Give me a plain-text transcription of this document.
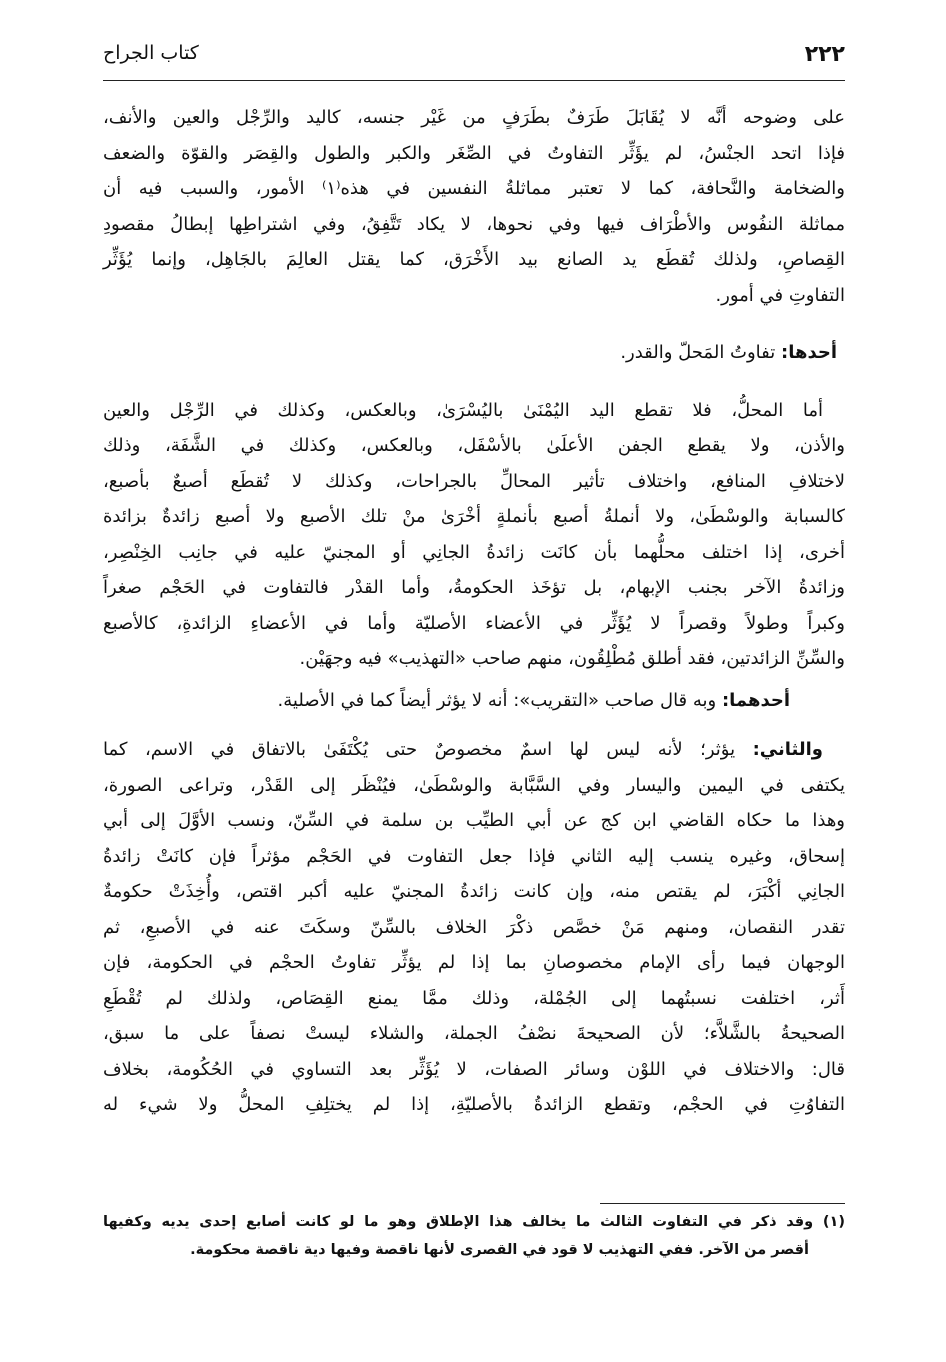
٢٢٢
كتاب الجراح
على وضوحه أنَّه لا يُقَابَلَ طَرَفٌ بطَرَفٍ من غَيْر جنسه، كاليد والرِّجْل والعين والأنف،
فإذا اتحد الجنْسُ، لم يؤَثِّر التفاوتُ في الصِّغَر والكبر والطول والقِصَر والقوّة والضعف
والضخامة والنَّحافة، كما لا تعتبر مماثلةُ النفسين في هذه⁽١⁾ الأمور، والسبب فيه أن
مماثلة النفُوس والأطْرَاف فيها وفي نحوها، لا يكاد تَتَّفِقُ، وفي اشتراطِها إبطالُ مقصودِ
القِصاصِ، ولذلك تُقطَع يد الصانع بيد الأَخْرَق، كما يقتل العالِمَ بالجَاهِل، وإنما يُؤَثِّر
التفاوتِ في أمور.
أحدها: تفاوتُ المَحلّ والقدر.
أما المحلُّ، فلا تقطع اليد اليُمْنَىٰ باليُسْرَىٰ، وبالعكس، وكذلك في الرِّجْل والعين
والأذن، ولا يقطع الجفن الأعلَىٰ بالأسْفَل، وبالعكس، وكذلك في الشَّفَة، وذلك
لاختلافِ المنافع، واختلاف تأثير المحالِّ بالجراحات، وكذلك لا تُقطَع أصبعٌ بأصبع،
كالسبابة والوسْطَىٰ، ولا أنملةُ أصبع بأنملةٍ أخْرَىٰ منْ تلك الأصبع ولا أصبع زائدةٌ بزائدة
أخرى، إذا اختلف محلُّهما بأن كانَت زائدةُ الجانِي أو المجنيّ عليه في جانِب الخِنْصِر،
وزائدةُ الآخر بجنب الإبهام، بل تؤخَذ الحكومةُ، وأما القدْر فالتفاوت في الحَجْم صغراً
وكبراً وطولاً وقصراً لا يُؤَثِّر في الأعضاء الأصليّة وأما في الأعضاءِ الزائدةِ، كالأصبع
والسِّنِّ الزائدتين، فقد أطلق مُطْلِقُون، منهم صاحب «التهذيب» فيه وجهَيْن.
أحدهما: وبه قال صاحب «التقريب»: أنه لا يؤثر أيضاً كما في الأصلية.
والثاني: يؤثر؛ لأنه ليس لها اسمٌ مخصوصٌ حتى يُكْتَفَىٰ بالاتفاق في الاسم، كما
يكتفى في اليمين واليسار وفي السَّبَّابة والوسْطَىٰ، فيُنْظَر إلى القَدْر، وتراعى الصورة،
وهذا ما حكاه القاضي ابن كج عن أبي الطيِّب بن سلمة في السِّنّ، ونسب الأوَّلَ إلى أبي
إسحاق، وغيره ينسب إليه الثاني فإذا جعل التفاوت في الحَجْم مؤثراً فإن كانَتْ زائدةُ
الجانِي أكْبَرَ، لم يقتص منه، وإن كانت زائدةُ المجنيّ عليه أكبر اقتص، وأُخِذَتْ حكومةٌ
تقدر النقصان، ومنهم مَنْ خصَّص ذكْرَ الخلاف بالسِّنّ وسكَتَ عنه في الأصبعِ، ثم
الوجهان فيما رأى الإمام مخصوصانِ بما إذا لم يؤثِّر تفاوتُ الحجْم في الحكومة، فإن
أَثر، اختلفت نسبتُهما إلى الجُمْلة، وذلك ممَّا يمنع القِصَاص، ولذلك لم تُقْطَعِ
الصحيحةُ بالشَّلاَّء؛ لأن الصحيحةَ نصْفُ الجملة، والشلاء ليستْ نصفاً على ما سبق،
قال: والاختلاف في اللوْن وسائر الصفات، لا يُؤَثِّر بعد التساوي في الحُكُومة، بخلاف
التفاوُتِ في الحجْم، وتقطع الزائدةُ بالأصليّةِ، إذا لم يختلِفِ المحلُّ ولا شيء له
(١) وقد ذكر في التفاوت الثالث ما يخالف هذا الإطلاق وهو ما لو كانت أصابع إحدى يديه وكفيها
أقصر من الآخر. ففي التهذيب لا قود في القصرى لأنها ناقصة وفيها دية ناقصة محكومة.
